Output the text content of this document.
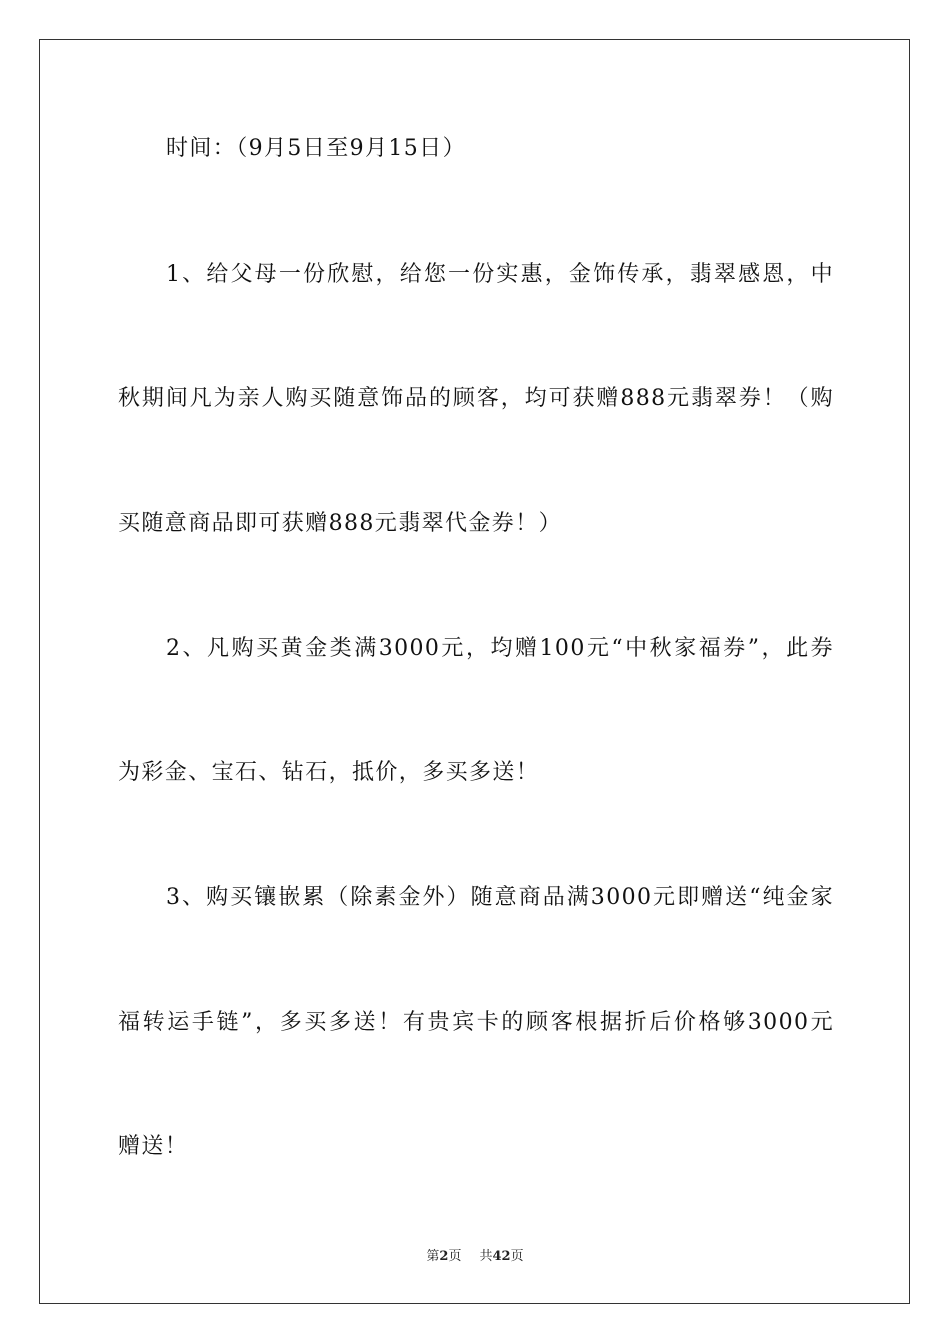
时间：（9月5日至9月15日）
1、给父母一份欣慰，给您一份实惠，金饰传承，翡翠感恩，中
秋期间凡为亲人购买随意饰品的顾客，均可获赠888元翡翠券！（购
买随意商品即可获赠888元翡翠代金券！）
2、凡购买黄金类满3000元，均赠100元“中秋家福券”，此券
为彩金、宝石、钻石，抵价，多买多送！
3、购买镶嵌累（除素金外）随意商品满3000元即赠送“纯金家
福转运手链”，多买多送！有贵宾卡的顾客根据折后价格够3000元
赠送！
第2页 共42页
